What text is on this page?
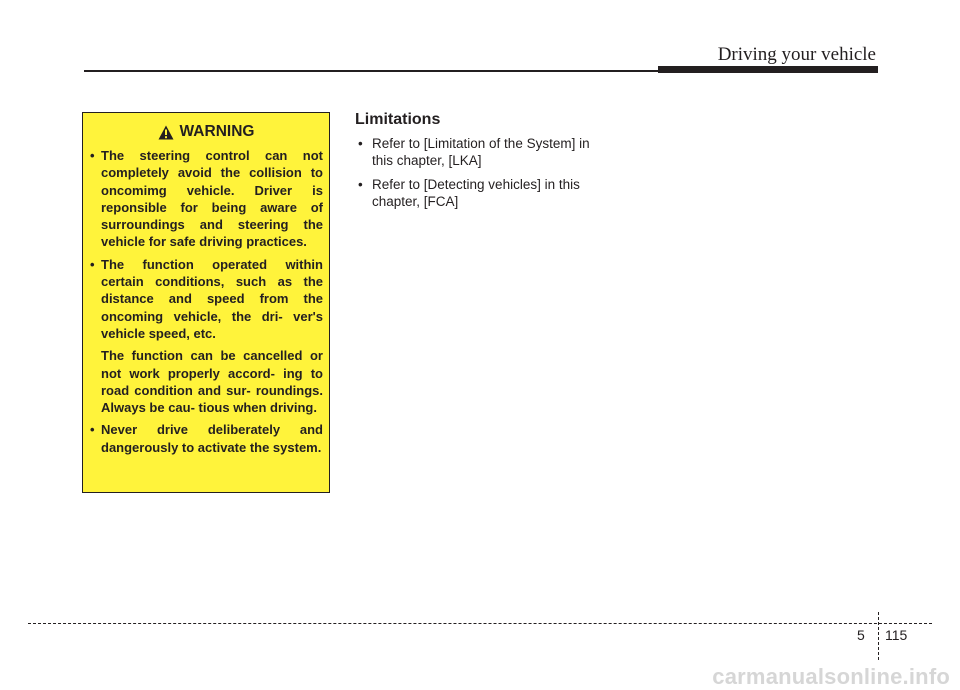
Driving your vehicle
WARNING
• The steering control can not completely avoid the collision to oncomimg vehicle. Driver is reponsible for being aware of surroundings and steering the vehicle for safe driving practices.
• The function operated within certain conditions, such as the distance and speed from the oncoming vehicle, the dri- ver's vehicle speed, etc.
The function can be cancelled or not work properly accord- ing to road condition and sur- roundings. Always be cau- tious when driving.
• Never drive deliberately and dangerously to activate the system.
Limitations
• Refer to [Limitation of the System] in this chapter, [LKA]
• Refer to [Detecting vehicles] in this chapter, [FCA]
5 115
carmanualsonline.info
